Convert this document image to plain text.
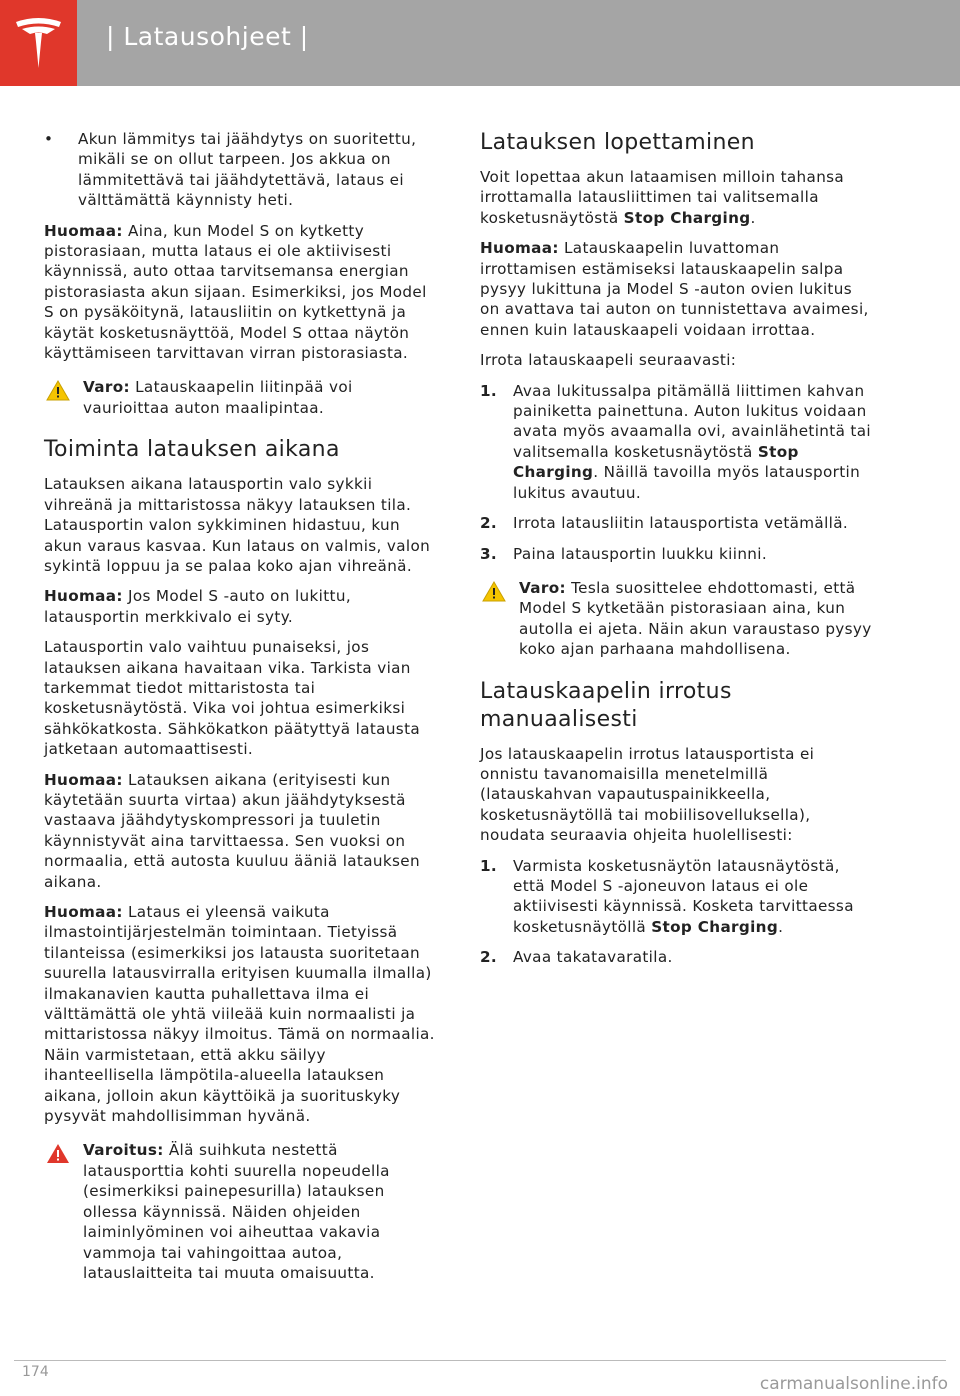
| Latausohjeet |
• Akun lämmitys tai jäähdytys on suoritettu, mikäli se on ollut tarpeen. Jos akkua on lämmitettävä tai jäähdytettävä, lataus ei välttämättä käynnisty heti.

Huomaa: Aina, kun Model S on kytketty pistorasiaan, mutta lataus ei ole aktiivisesti käynnissä, auto ottaa tarvitsemansa energian pistorasiasta akun sijaan. Esimerkiksi, jos Model S on pysäköitynä, latausliitin on kytkettynä ja käytät kosketusnäyttöä, Model S ottaa näytön käyttämiseen tarvittavan virran pistorasiasta.

Varo: Latauskaapelin liitinpää voi vaurioittaa auton maalipintaa.
Toiminta latauksen aikana

Latauksen aikana latausportin valo sykkii vihreänä ja mittaristossa näkyy latauksen tila. Latausportin valon sykkiminen hidastuu, kun akun varaus kasvaa. Kun lataus on valmis, valon sykintä loppuu ja se palaa koko ajan vihreänä.

Huomaa: Jos Model S -auto on lukittu, latausportin merkkivalo ei syty.

Latausportin valo vaihtuu punaiseksi, jos latauksen aikana havaitaan vika. Tarkista vian tarkemmat tiedot mittaristosta tai kosketusnäytöstä. Vika voi johtua esimerkiksi sähkökatkosta. Sähkökatkon päätyttyä latausta jatketaan automaattisesti.

Huomaa: Latauksen aikana (erityisesti kun käytetään suurta virtaa) akun jäähdytyksestä vastaava jäähdytyskompressori ja tuuletin käynnistyvät aina tarvittaessa. Sen vuoksi on normaalia, että autosta kuuluu ääniä latauksen aikana.

Huomaa: Lataus ei yleensä vaikuta ilmastointijärjestelmän toimintaan. Tietyissä tilanteissa (esimerkiksi jos latausta suoritetaan suurella latausvirralla erityisen kuumalla ilmalla) ilmakanavien kautta puhallettava ilma ei välttämättä ole yhtä viileää kuin normaalisti ja mittaristossa näkyy ilmoitus. Tämä on normaalia. Näin varmistetaan, että akku säilyy ihanteellisella lämpötila-alueella latauksen aikana, jolloin akun käyttöikä ja suorituskyky pysyvät mahdollisimman hyvänä.

Varoitus: Älä suihkuta nestettä latausporttia kohti suurella nopeudella (esimerkiksi painepesurilla) latauksen ollessa käynnissä. Näiden ohjeiden laiminlyöminen voi aiheuttaa vakavia vammoja tai vahingoittaa autoa, latauslaitteita tai muuta omaisuutta.
Latauksen lopettaminen

Voit lopettaa akun lataamisen milloin tahansa irrottamalla latausliittimen tai valitsemalla kosketusnäytöstä Stop Charging.

Huomaa: Latauskaapelin luvattoman irrottamisen estämiseksi latauskaapelin salpa pysyy lukittuna ja Model S -auton ovien lukitus on avattava tai auton on tunnistettava avaimesi, ennen kuin latauskaapeli voidaan irrottaa.

Irrota latauskaapeli seuraavasti:

1. Avaa lukitussalpa pitämällä liittimen kahvan painiketta painettuna. Auton lukitus voidaan avata myös avaamalla ovi, avainlähetintä tai valitsemalla kosketusnäytöstä Stop Charging. Näillä tavoilla myös latausportin lukitus avautuu.
2. Irrota latausliitin latausportista vetämällä.
3. Paina latausportin luukku kiinni.
Varo: Tesla suosittelee ehdottomasti, että Model S kytketään pistorasiaan aina, kun autolla ei ajeta. Näin akun varaustaso pysyy koko ajan parhaana mahdollisena.
Latauskaapelin irrotus manuaalisesti

Jos latauskaapelin irrotus latausportista ei onnistu tavanomaisilla menetelmillä (latauskahvan vapautuspainikkeella, kosketusnäytöllä tai mobiilisovelluksella), noudata seuraavia ohjeita huolellisesti:

1. Varmista kosketusnäytön latausnäytöstä, että Model S -ajoneuvon lataus ei ole aktiivisesti käynnissä. Kosketa tarvittaessa kosketusnäytöllä Stop Charging.
2. Avaa takatavaratila.
174
carmanualsonline.info
